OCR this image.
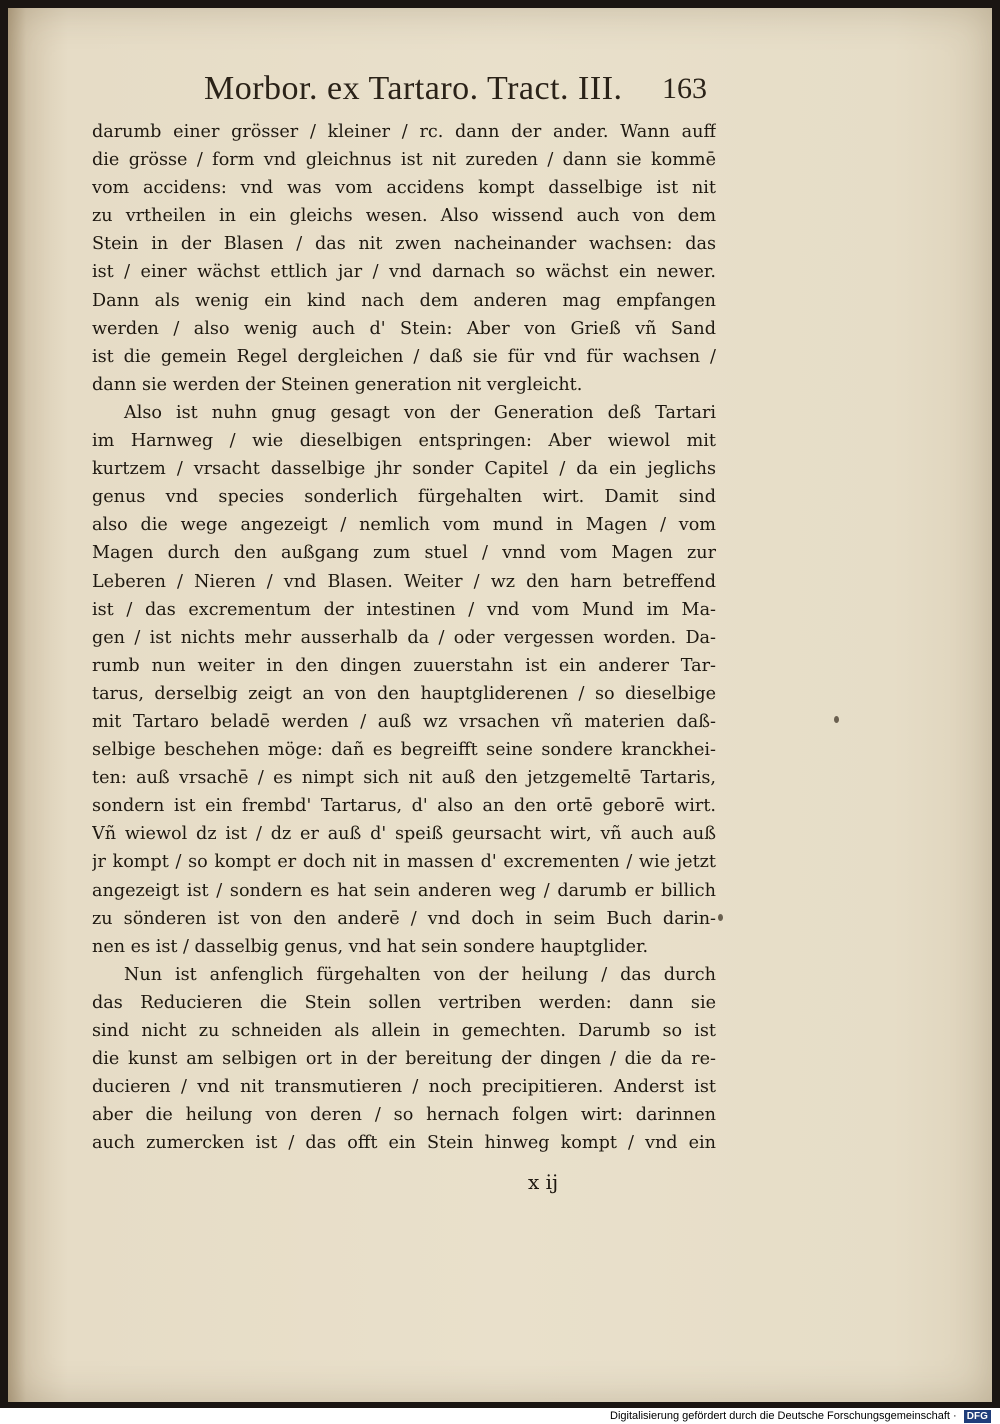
Morbor. ex Tartaro. Tract. III.	163
darumb einer grösser / kleiner / rc. dann der ander. Wann auff
die grösse / form vnd gleichnus ist nit zureden / dann sie kommē
vom accidens: vnd was vom accidens kompt dasselbige ist nit
zu vrtheilen in ein gleichs wesen. Also wissend auch von dem
Stein in der Blasen / das nit zwen nacheinander wachsen: das
ist / einer wächst ettlich jar / vnd darnach so wächst ein newer.
Dann als wenig ein kind nach dem anderen mag empfangen
werden / also wenig auch d' Stein: Aber von Grieß vñ Sand
ist die gemein Regel dergleichen / daß sie für vnd für wachsen /
dann sie werden der Steinen generation nit vergleicht.
Also ist nuhn gnug gesagt von der Generation deß Tartari
im Harnweg / wie dieselbigen entspringen: Aber wiewol mit
kurtzem / vrsacht dasselbige jhr sonder Capitel / da ein jeglichs
genus vnd species sonderlich fürgehalten wirt. Damit sind
also die wege angezeigt / nemlich vom mund in Magen / vom
Magen durch den außgang zum stuel / vnnd vom Magen zur
Leberen / Nieren / vnd Blasen. Weiter / wz den harn betreffend
ist / das excrementum der intestinen / vnd vom Mund im Ma-
gen / ist nichts mehr ausserhalb da / oder vergessen worden. Da-
rumb nun weiter in den dingen zuuerstahn ist ein anderer Tar-
tarus, derselbig zeigt an von den hauptgliderenen / so dieselbige
mit Tartaro beladē werden / auß wz vrsachen vñ materien daß-
selbige beschehen möge: dañ es begreifft seine sondere kranckhei-
ten: auß vrsachē / es nimpt sich nit auß den jetzgemeltē Tartaris,
sondern ist ein frembd' Tartarus, d' also an den ortē geborē wirt.
Vñ wiewol dz ist / dz er auß d' speiß geursacht wirt, vñ auch auß
jr kompt / so kompt er doch nit in massen d' excrementen / wie jetzt
angezeigt ist / sondern es hat sein anderen weg / darumb er billich
zu sönderen ist von den anderē / vnd doch in seim Buch darin-
nen es ist / dasselbig genus, vnd hat sein sondere hauptglider.
Nun ist anfenglich fürgehalten von der heilung / das durch
das Reducieren die Stein sollen vertriben werden: dann sie
sind nicht zu schneiden als allein in gemechten. Darumb so ist
die kunst am selbigen ort in der bereitung der dingen / die da re-
ducieren / vnd nit transmutieren / noch precipitieren. Anderst ist
aber die heilung von deren / so hernach folgen wirt: darinnen
auch zumercken ist / das offt ein Stein hinweg kompt / vnd ein
x ij
Digitalisierung gefördert durch die Deutsche Forschungsgemeinschaft · DFG
